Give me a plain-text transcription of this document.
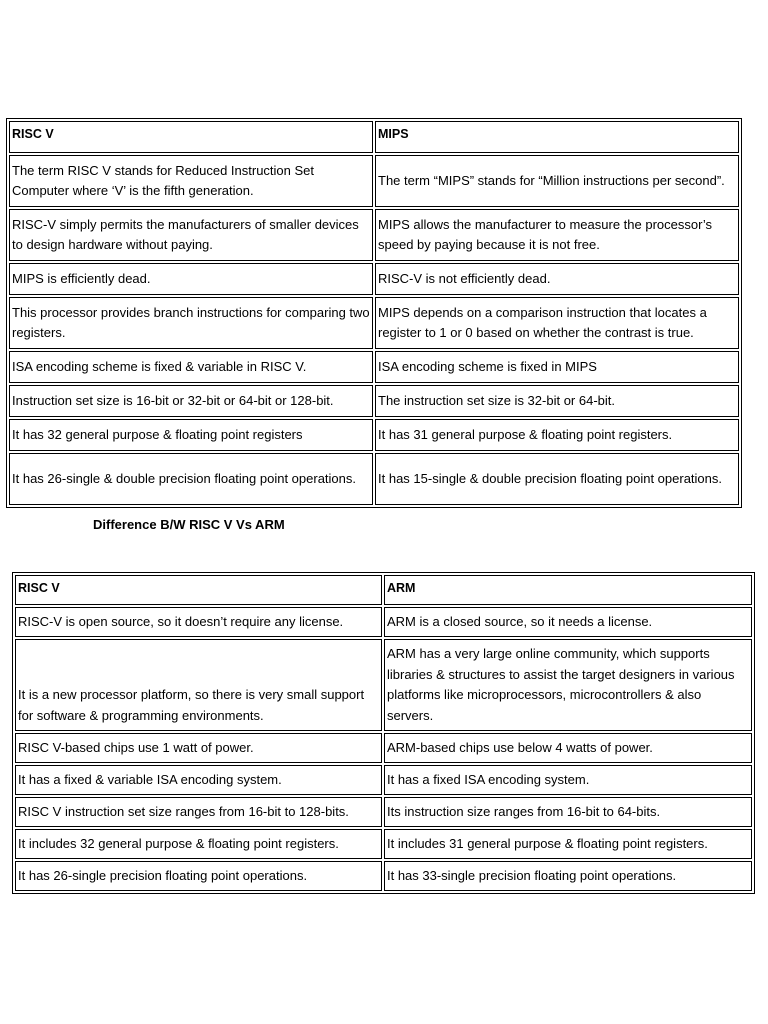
RISC V	MIPS
The term RISC V stands for Reduced Instruction Set Computer where ‘V’ is the fifth generation.	The term “MIPS” stands for “Million instructions per second”.
RISC-V simply permits the manufacturers of smaller devices to design hardware without paying.	MIPS allows the manufacturer to measure the processor’s speed by paying because it is not free.
MIPS is efficiently dead.	RISC-V is not efficiently dead.
This processor provides branch instructions for comparing two registers.	MIPS depends on a comparison instruction that locates a register to 1 or 0 based on whether the contrast is true.
ISA encoding scheme is fixed & variable in RISC V.	ISA encoding scheme is fixed in MIPS
Instruction set size is 16-bit or 32-bit or 64-bit or 128-bit.	The instruction set size is 32-bit or 64-bit.
It has 32 general purpose & floating point registers	It has 31 general purpose & floating point registers.
It has 26-single & double precision floating point operations.	It has 15-single & double precision floating point operations.
Difference B/W RISC V Vs ARM
RISC V	ARM
RISC-V is open source, so it doesn’t require any license.	ARM is a closed source, so it needs a license.
It is a new processor platform, so there is very small support for software & programming environments.	ARM has a very large online community, which supports libraries & structures to assist the target designers in various platforms like microprocessors, microcontrollers & also servers.
RISC V-based chips use 1 watt of power.	ARM-based chips use below 4 watts of power.
It has a fixed & variable ISA encoding system.	It has a fixed ISA encoding system.
RISC V instruction set size ranges from 16-bit to 128-bits.	Its instruction size ranges from 16-bit to 64-bits.
It includes 32 general purpose & floating point registers.	It includes 31 general purpose & floating point registers.
It has 26-single precision floating point operations.	It has 33-single precision floating point operations.
